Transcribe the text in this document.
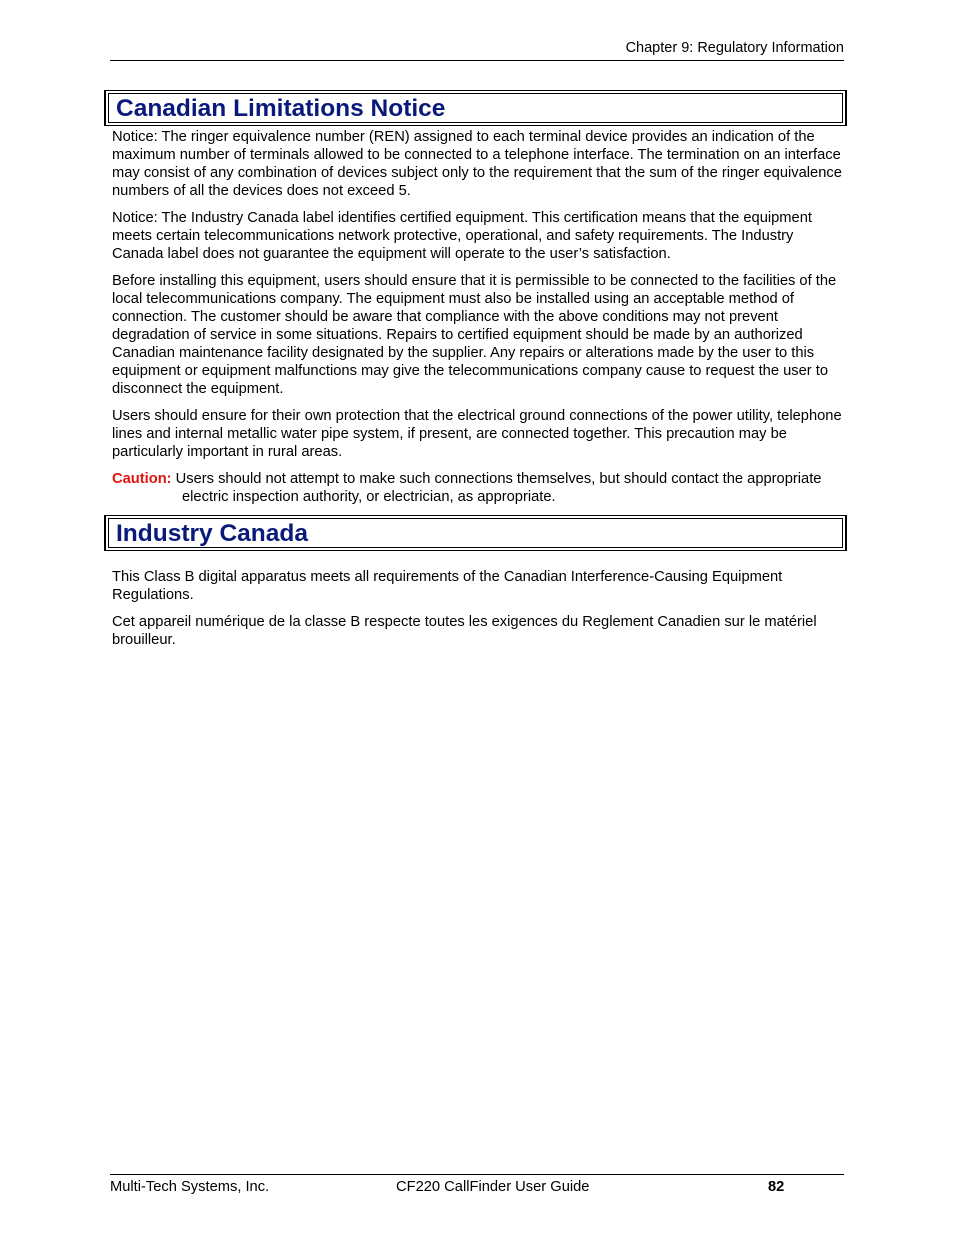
Chapter 9: Regulatory Information
Canadian Limitations Notice

Notice: The ringer equivalence number (REN) assigned to each terminal device provides an indication of the maximum number of terminals allowed to be connected to a telephone interface. The termination on an interface may consist of any combination of devices subject only to the requirement that the sum of the ringer equivalence numbers of all the devices does not exceed 5.

Notice: The Industry Canada label identifies certified equipment. This certification means that the equipment meets certain telecommunications network protective, operational, and safety requirements. The Industry Canada label does not guarantee the equipment will operate to the user’s satisfaction.

Before installing this equipment, users should ensure that it is permissible to be connected to the facilities of the local telecommunications company. The equipment must also be installed using an acceptable method of connection. The customer should be aware that compliance with the above conditions may not prevent degradation of service in some situations. Repairs to certified equipment should be made by an authorized Canadian maintenance facility designated by the supplier. Any repairs or alterations made by the user to this equipment or equipment malfunctions may give the telecommunications company cause to request the user to disconnect the equipment.

Users should ensure for their own protection that the electrical ground connections of the power utility, telephone lines and internal metallic water pipe system, if present, are connected together. This precaution may be particularly important in rural areas.

Caution: Users should not attempt to make such connections themselves, but should contact the appropriate electric inspection authority, or electrician, as appropriate.

Industry Canada

This Class B digital apparatus meets all requirements of the Canadian Interference-Causing Equipment Regulations.

Cet appareil numérique de la classe B respecte toutes les exigences du Reglement Canadien sur le matériel brouilleur.

Multi-Tech Systems, Inc.	CF220 CallFinder User Guide	82
